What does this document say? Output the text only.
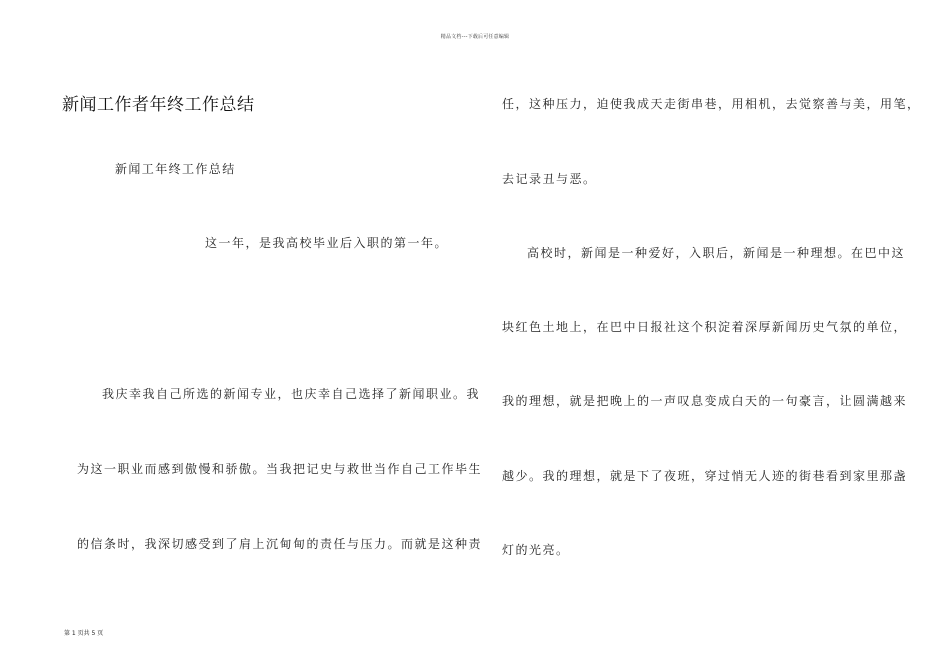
精品文档---下载后可任意编辑
新闻工作者年终工作总结
新闻工年终工作总结
这一年，是我高校毕业后入职的第一年。
我庆幸我自己所选的新闻专业，也庆幸自己选择了新闻职业。我
为这一职业而感到傲慢和骄傲。当我把记史与救世当作自己工作毕生
的信条时，我深切感受到了肩上沉甸甸的责任与压力。而就是这种责
任，这种压力，迫使我成天走街串巷，用相机，去觉察善与美，用笔，
去记录丑与恶。
高校时，新闻是一种爱好，入职后，新闻是一种理想。在巴中这
块红色土地上，在巴中日报社这个积淀着深厚新闻历史气氛的单位，
我的理想，就是把晚上的一声叹息变成白天的一句豪言，让圆满越来
越少。我的理想，就是下了夜班，穿过悄无人迹的街巷看到家里那盏
灯的光亮。
第 1 页共 5 页
